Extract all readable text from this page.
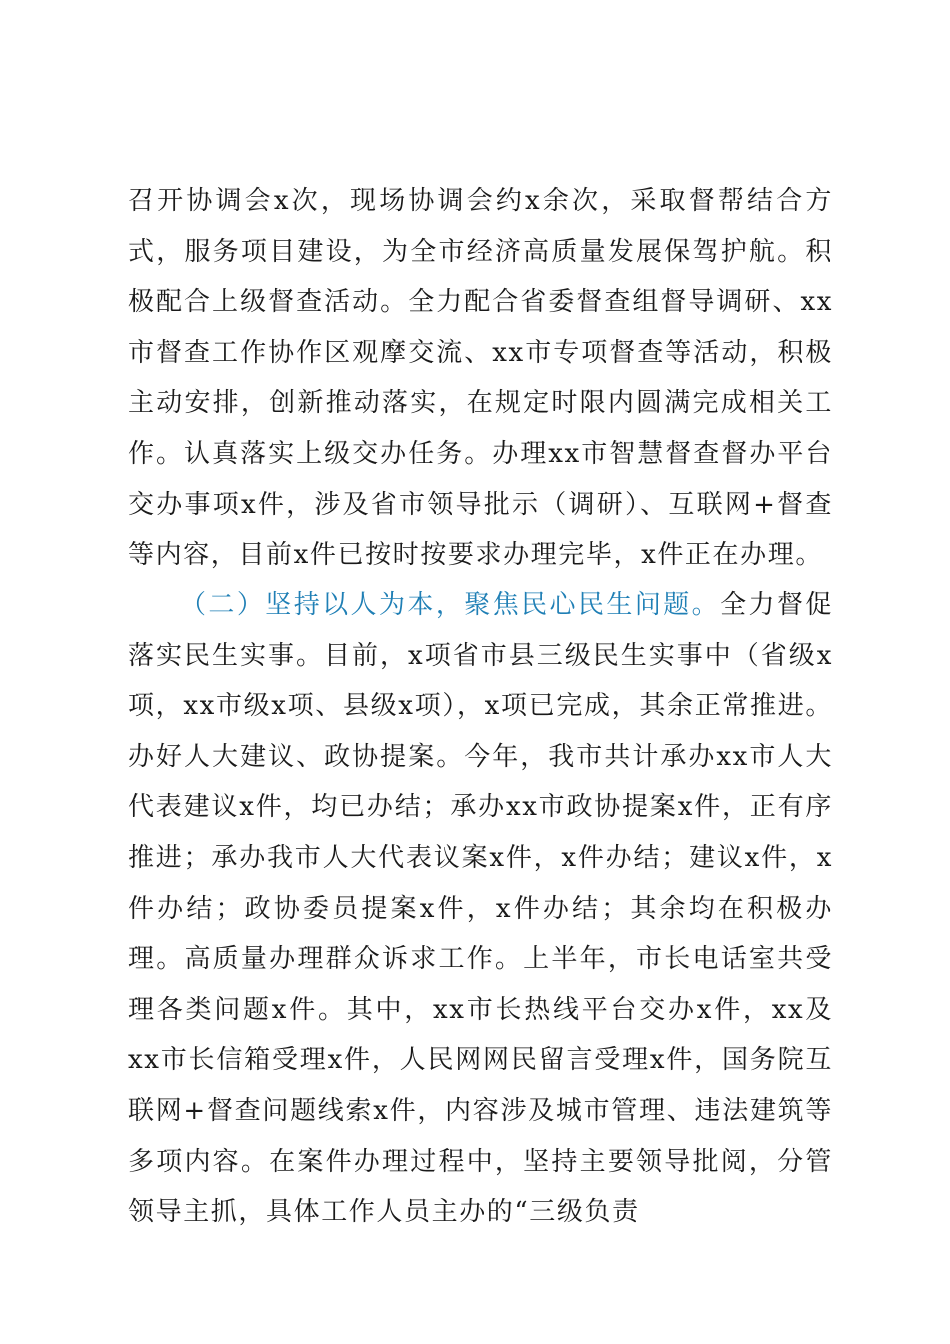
召开协调会x次，现场协调会约x余次，采取督帮结合方式，服务项目建设，为全市经济高质量发展保驾护航。积极配合上级督查活动。全力配合省委督查组督导调研、xx市督查工作协作区观摩交流、xx市专项督查等活动，积极主动安排，创新推动落实，在规定时限内圆满完成相关工作。认真落实上级交办任务。办理xx市智慧督查督办平台交办事项x件，涉及省市领导批示（调研）、互联网+督查等内容，目前x件已按时按要求办理完毕，x件正在办理。

（二）坚持以人为本，聚焦民心民生问题。全力督促落实民生实事。目前，x项省市县三级民生实事中（省级x项，xx市级x项、县级x项），x项已完成，其余正常推进。办好人大建议、政协提案。今年，我市共计承办xx市人大代表建议x件，均已办结；承办xx市政协提案x件，正有序推进；承办我市人大代表议案x件，x件办结；建议x件，x件办结；政协委员提案x件，x件办结；其余均在积极办理。高质量办理群众诉求工作。上半年，市长电话室共受理各类问题x件。其中，xx市长热线平台交办x件，xx及xx市长信箱受理x件，人民网网民留言受理x件，国务院互联网+督查问题线索x件，内容涉及城市管理、违法建筑等多项内容。在案件办理过程中，坚持主要领导批阅，分管领导主抓，具体工作人员主办的“三级负责
